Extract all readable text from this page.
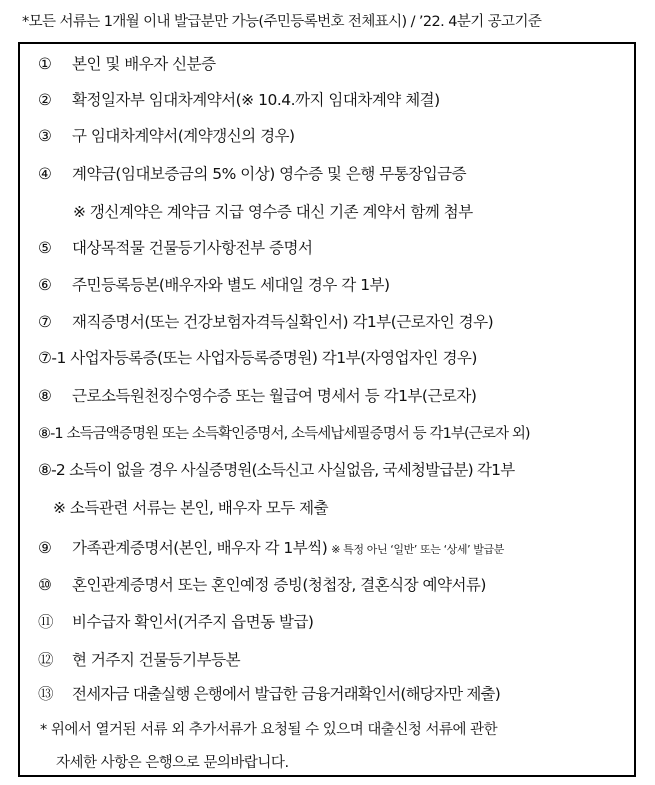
*모든 서류는 1개월 이내 발급분만 가능(주민등록번호 전체표시) / ’22. 4분기 공고기준
①	본인 및 배우자 신분증
②	확정일자부 임대차계약서(※ 10.4.까지 임대차계약 체결)
③	구 임대차계약서(계약갱신의 경우)
④	계약금(임대보증금의 5% 이상) 영수증 및 은행 무통장입금증
※ 갱신계약은 계약금 지급 영수증 대신 기존 계약서 함께 첨부
⑤	대상목적물 건물등기사항전부 증명서
⑥	주민등록등본(배우자와 별도 세대일 경우 각 1부)
⑦	재직증명서(또는 건강보험자격득실확인서) 각1부(근로자인 경우)
⑦-1 사업자등록증(또는 사업자등록증명원) 각1부(자영업자인 경우)
⑧	근로소득원천징수영수증 또는 월급여 명세서 등 각1부(근로자)
⑧-1 소득금액증명원 또는 소득확인증명서, 소득세납세필증명서 등 각1부(근로자 외)
⑧-2 소득이 없을 경우 사실증명원(소득신고 사실없음, 국세청발급분) 각1부
※ 소득관련 서류는 본인, 배우자 모두 제출
⑨	가족관계증명서(본인, 배우자 각 1부씩) ※ 특정 아닌 ‘일반’ 또는 ‘상세’ 발급분
⑩	혼인관계증명서 또는 혼인예정 증빙(청첩장, 결혼식장 예약서류)
⑪	비수급자 확인서(거주지 읍면동 발급)
⑫	현 거주지 건물등기부등본
⑬	전세자금 대출실행 은행에서 발급한 금융거래확인서(해당자만 제출)
* 위에서 열거된 서류 외 추가서류가 요청될 수 있으며 대출신청 서류에 관한
자세한 사항은 은행으로 문의바랍니다.
